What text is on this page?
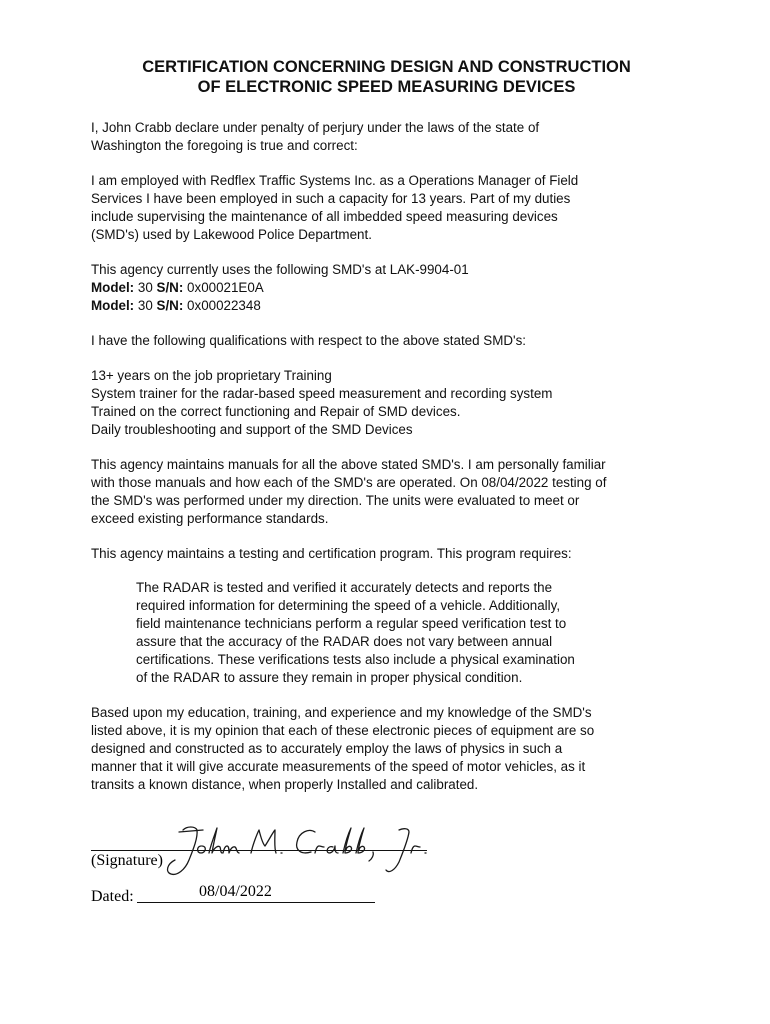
CERTIFICATION CONCERNING DESIGN AND CONSTRUCTION
OF ELECTRONIC SPEED MEASURING DEVICES

I, John Crabb declare under penalty of perjury under the laws of the state of
Washington the foregoing is true and correct:

I am employed with Redflex Traffic Systems Inc. as a Operations Manager of Field
Services I have been employed in such a capacity for 13 years. Part of my duties
include supervising the maintenance of all imbedded speed measuring devices
(SMD's) used by Lakewood Police Department.

This agency currently uses the following SMD's at LAK-9904-01
Model: 30 S/N: 0x00021E0A
Model: 30 S/N: 0x00022348

I have the following qualifications with respect to the above stated SMD's:

13+ years on the job proprietary Training
System trainer for the radar-based speed measurement and recording system
Trained on the correct functioning and Repair of SMD devices.
Daily troubleshooting and support of the SMD Devices

This agency maintains manuals for all the above stated SMD's. I am personally familiar
with those manuals and how each of the SMD's are operated. On 08/04/2022 testing of
the SMD's was performed under my direction. The units were evaluated to meet or
exceed existing performance standards.

This agency maintains a testing and certification program. This program requires:

The RADAR is tested and verified it accurately detects and reports the
required information for determining the speed of a vehicle. Additionally,
field maintenance technicians perform a regular speed verification test to
assure that the accuracy of the RADAR does not vary between annual
certifications. These verifications tests also include a physical examination
of the RADAR to assure they remain in proper physical condition.

Based upon my education, training, and experience and my knowledge of the SMD's
listed above, it is my opinion that each of these electronic pieces of equipment are so
designed and constructed as to accurately employ the laws of physics in such a
manner that it will give accurate measurements of the speed of motor vehicles, as it
transits a known distance, when properly Installed and calibrated.

(Signature)
Dated:	08/04/2022
